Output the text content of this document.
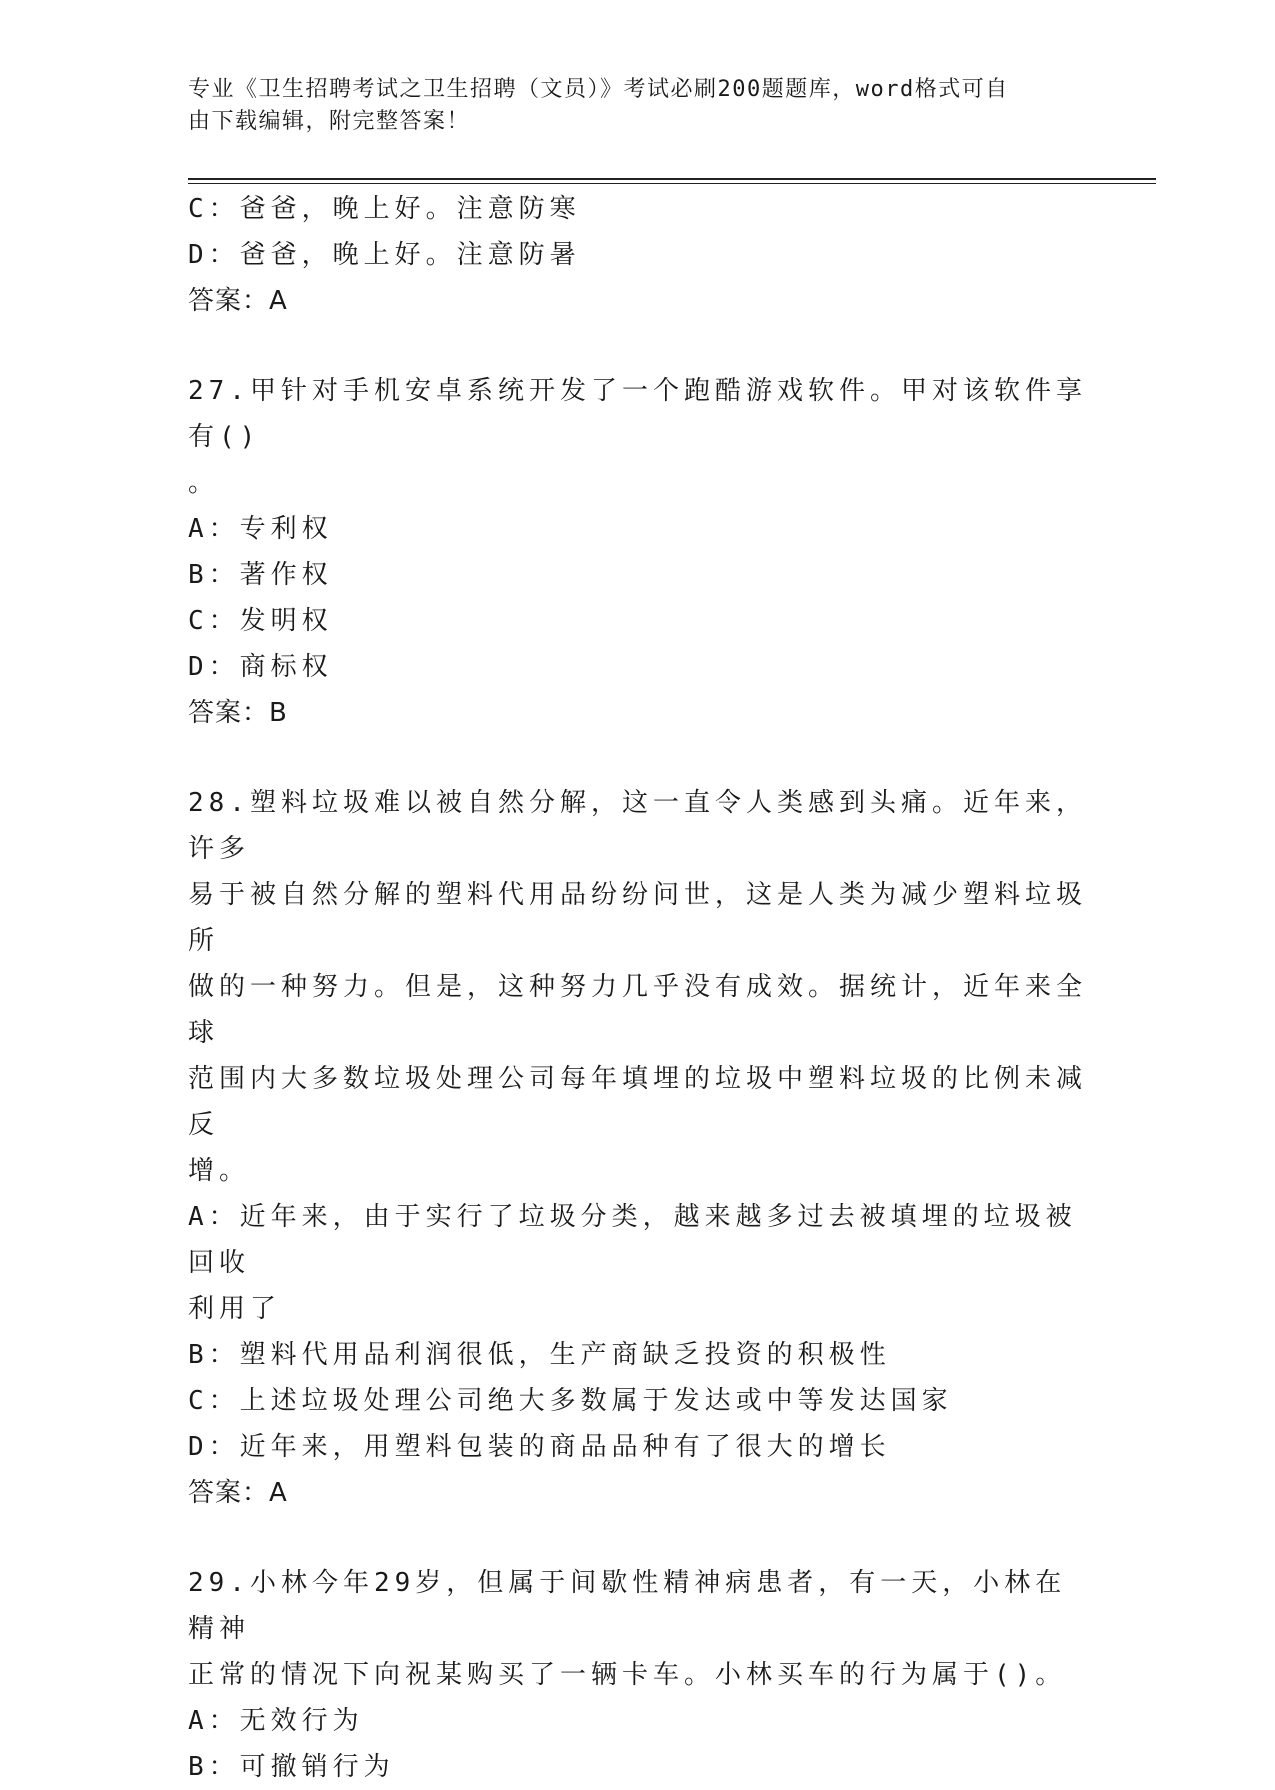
专业《卫生招聘考试之卫生招聘（文员）》考试必刷200题题库，word格式可自
由下载编辑，附完整答案！
C：爸爸，晚上好。注意防寒
D：爸爸，晚上好。注意防暑
答案：A
27.甲针对手机安卓系统开发了一个跑酷游戏软件。甲对该软件享有()
。
A：专利权
B：著作权
C：发明权
D：商标权
答案：B
28.塑料垃圾难以被自然分解，这一直令人类感到头痛。近年来，许多
易于被自然分解的塑料代用品纷纷问世，这是人类为减少塑料垃圾所
做的一种努力。但是，这种努力几乎没有成效。据统计，近年来全球
范围内大多数垃圾处理公司每年填埋的垃圾中塑料垃圾的比例未减反
增。
A：近年来，由于实行了垃圾分类，越来越多过去被填埋的垃圾被回收
利用了
B：塑料代用品利润很低，生产商缺乏投资的积极性
C：上述垃圾处理公司绝大多数属于发达或中等发达国家
D：近年来，用塑料包装的商品品种有了很大的增长
答案：A
29.小林今年29岁，但属于间歇性精神病患者，有一天，小林在精神
正常的情况下向祝某购买了一辆卡车。小林买车的行为属于()。
A：无效行为
B：可撤销行为
